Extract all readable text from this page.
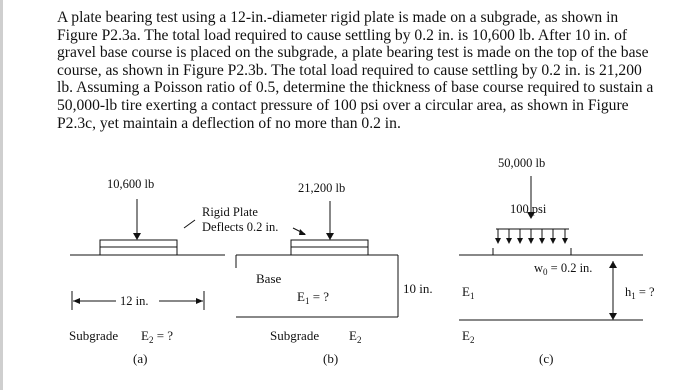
A plate bearing test using a 12-in.-diameter rigid plate is made on a subgrade, as shown in Figure P2.3a. The total load required to cause settling by 0.2 in. is 10,600 lb. After 10 in. of gravel base course is placed on the subgrade, a plate bearing test is made on the top of the base course, as shown in Figure P2.3b. The total load required to cause settling by 0.2 in. is 21,200 lb. Assuming a Poisson ratio of 0.5, determine the thickness of base course required to sustain a 50,000-lb tire exerting a contact pressure of 100 psi over a circular area, as shown in Figure P2.3c, yet maintain a deflection of no more than 0.2 in.

10,600 lb
Rigid Plate
Deflects 0.2 in.
12 in.
Subgrade $E_2$ = ?
(a)
21,200 lb
Base
$E_1$ = ?
10 in.
Subgrade $E_2$
(b)
$E_1$
$E_2$
50,000 lb
100 psi
$w_0 = 0.2$ in.
$h_1$ = ?
(c)
